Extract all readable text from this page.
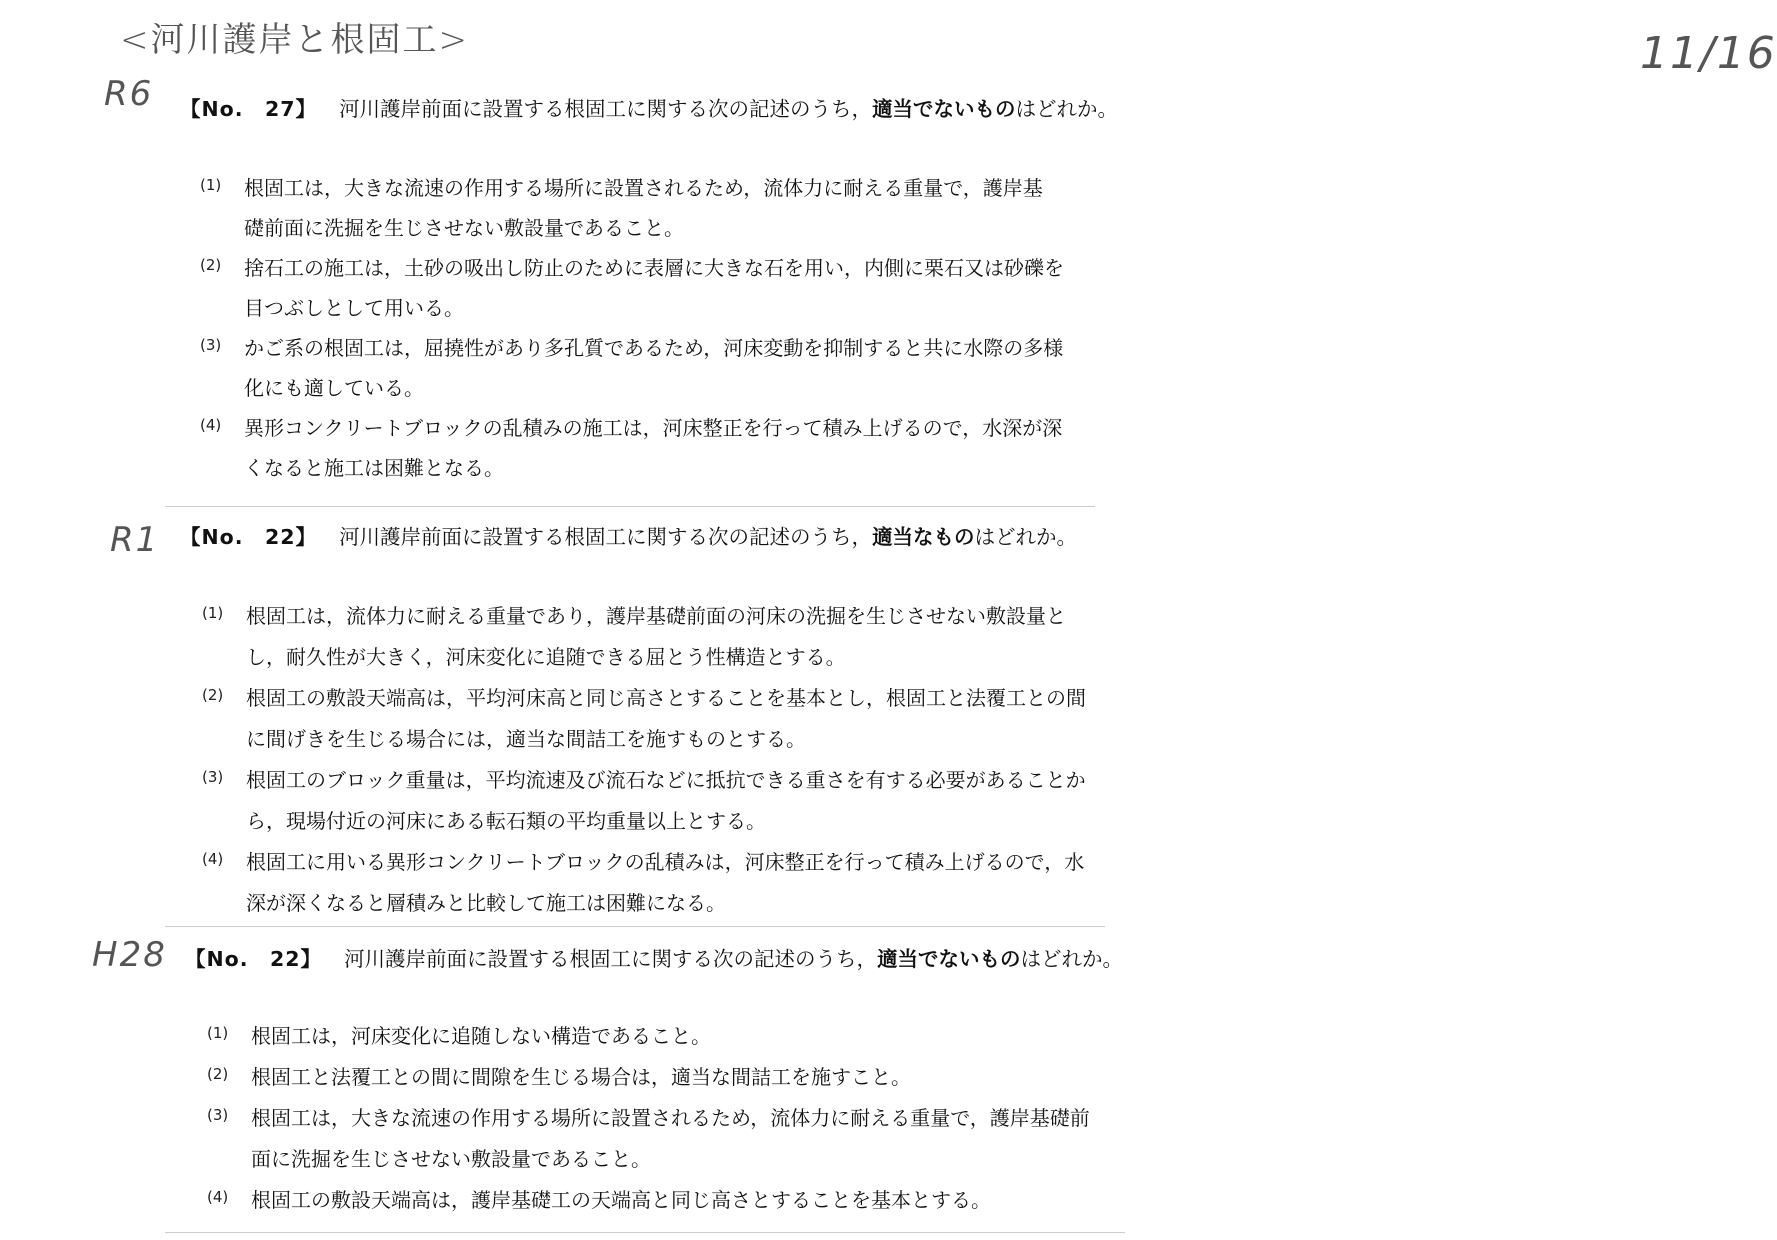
<河川護岸と根固工>	11/16
R6
R1
H28
【No.　27】 河川護岸前面に設置する根固工に関する次の記述のうち，適当でないものはどれか。
(1) 根固工は，大きな流速の作用する場所に設置されるため，流体力に耐える重量で，護岸基
礎前面に洗掘を生じさせない敷設量であること。
(2) 捨石工の施工は，土砂の吸出し防止のために表層に大きな石を用い，内側に栗石又は砂礫を
目つぶしとして用いる。
(3) かご系の根固工は，屈撓性があり多孔質であるため，河床変動を抑制すると共に水際の多様
化にも適している。
(4) 異形コンクリートブロックの乱積みの施工は，河床整正を行って積み上げるので，水深が深
くなると施工は困難となる。
【No.　22】 河川護岸前面に設置する根固工に関する次の記述のうち，適当なものはどれか。
(1) 根固工は，流体力に耐える重量であり，護岸基礎前面の河床の洗掘を生じさせない敷設量と
し，耐久性が大きく，河床変化に追随できる屈とう性構造とする。
(2) 根固工の敷設天端高は，平均河床高と同じ高さとすることを基本とし，根固工と法覆工との間
に間げきを生じる場合には，適当な間詰工を施すものとする。
(3) 根固工のブロック重量は，平均流速及び流石などに抵抗できる重さを有する必要があることか
ら，現場付近の河床にある転石類の平均重量以上とする。
(4) 根固工に用いる異形コンクリートブロックの乱積みは，河床整正を行って積み上げるので，水
深が深くなると層積みと比較して施工は困難になる。
【No.　22】 河川護岸前面に設置する根固工に関する次の記述のうち，適当でないものはどれか。
(1) 根固工は，河床変化に追随しない構造であること。
(2) 根固工と法覆工との間に間隙を生じる場合は，適当な間詰工を施すこと。
(3) 根固工は，大きな流速の作用する場所に設置されるため，流体力に耐える重量で，護岸基礎前
面に洗掘を生じさせない敷設量であること。
(4) 根固工の敷設天端高は，護岸基礎工の天端高と同じ高さとすることを基本とする。
